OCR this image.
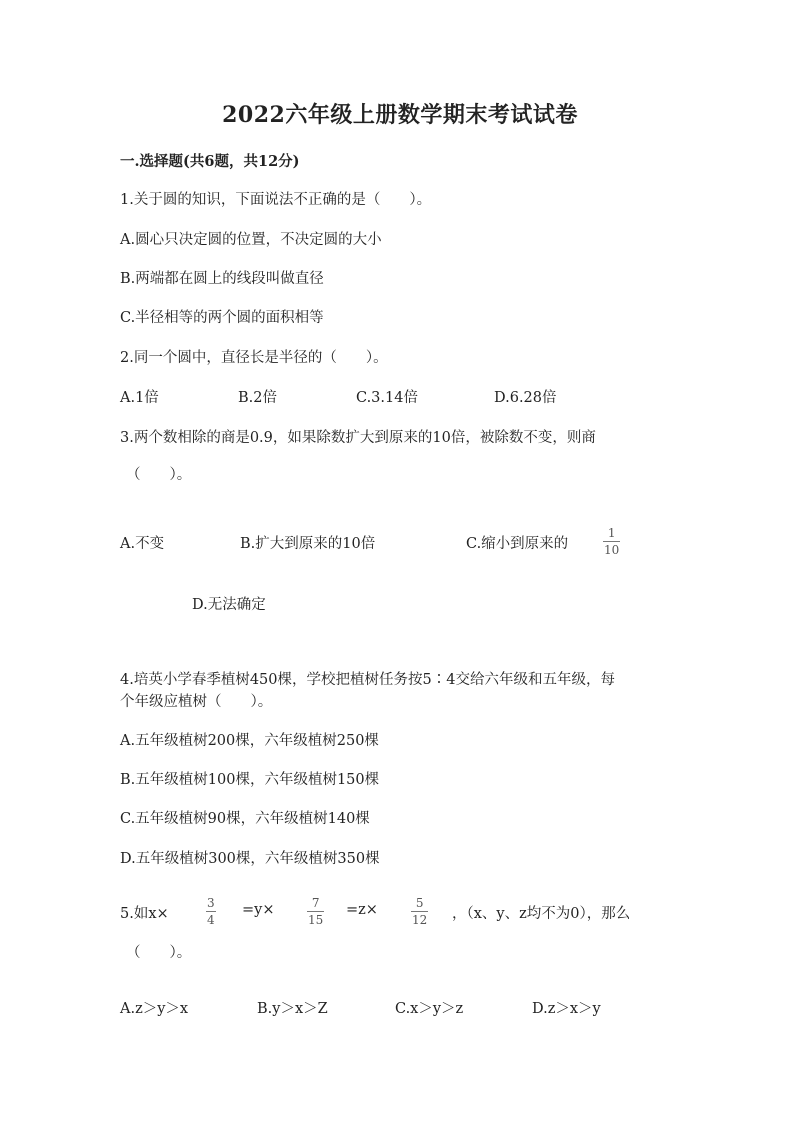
2022六年级上册数学期末考试试卷
一.选择题(共6题，共12分)
1.关于圆的知识，下面说法不正确的是（　　）。
A.圆心只决定圆的位置，不决定圆的大小
B.两端都在圆上的线段叫做直径
C.半径相等的两个圆的面积相等
2.同一个圆中，直径长是半径的（　　）。
A.1倍	B.2倍	C.3.14倍	D.6.28倍
3.两个数相除的商是0.9，如果除数扩大到原来的10倍，被除数不变，则商
（　　）。
A.不变	B.扩大到原来的10倍	C.缩小到原来的	$\frac{1}{10}$
D.无法确定
4.培英小学春季植树450棵，学校把植树任务按5∶4交给六年级和五年级，每
个年级应植树（　　）。
A.五年级植树200棵，六年级植树250棵
B.五年级植树100棵，六年级植树150棵
C.五年级植树90棵，六年级植树140棵
D.五年级植树300棵，六年级植树350棵
5.如x×	$\frac{3}{4} =y\times$	$\frac{7}{15} =z\times$	$\frac{5}{12}$ ，（x、y、z均不为0），那么
（　　）。
A.z＞y＞x	B.y＞x＞Z	C.x＞y＞z	D.z＞x＞y
